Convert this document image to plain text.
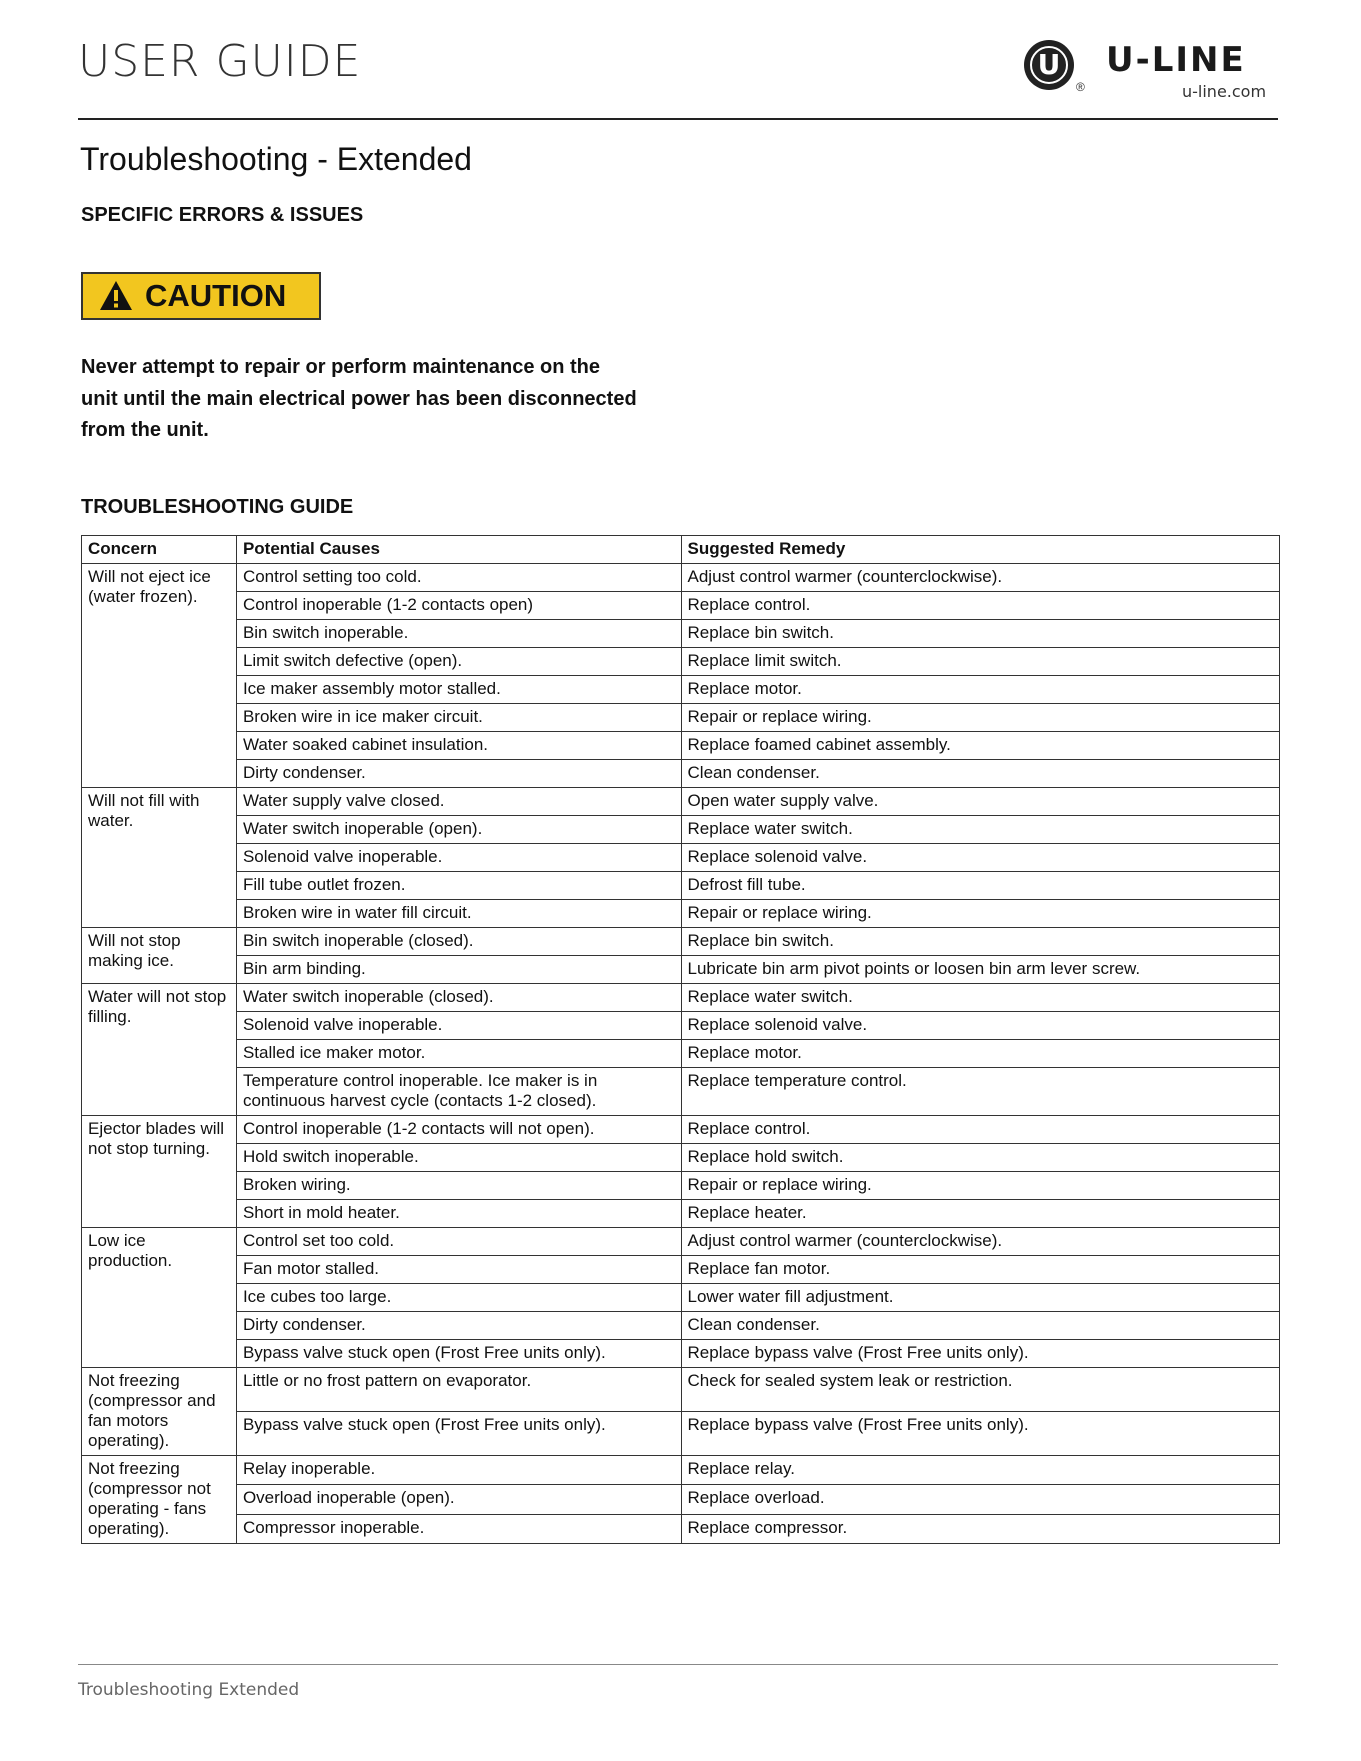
USER GUIDE	U
®
U-LINE
u-line.com
Troubleshooting - Extended
SPECIFIC ERRORS & ISSUES
CAUTION
Never attempt to repair or perform maintenance on the unit until the main electrical power has been disconnected from the unit.
TROUBLESHOOTING GUIDE
Concern	Potential Causes	Suggested Remedy
Will not eject ice (water frozen).	Control setting too cold.	Adjust control warmer (counterclockwise).
	Control inoperable (1-2 contacts open)	Replace control.
	Bin switch inoperable.	Replace bin switch.
	Limit switch defective (open).	Replace limit switch.
	Ice maker assembly motor stalled.	Replace motor.
	Broken wire in ice maker circuit.	Repair or replace wiring.
	Water soaked cabinet insulation.	Replace foamed cabinet assembly.
	Dirty condenser.	Clean condenser.
Will not fill with water.	Water supply valve closed.	Open water supply valve.
	Water switch inoperable (open).	Replace water switch.
	Solenoid valve inoperable.	Replace solenoid valve.
	Fill tube outlet frozen.	Defrost fill tube.
	Broken wire in water fill circuit.	Repair or replace wiring.
Will not stop making ice.	Bin switch inoperable (closed).	Replace bin switch.
	Bin arm binding.	Lubricate bin arm pivot points or loosen bin arm lever screw.
Water will not stop filling.	Water switch inoperable (closed).	Replace water switch.
	Solenoid valve inoperable.	Replace solenoid valve.
	Stalled ice maker motor.	Replace motor.
	Temperature control inoperable. Ice maker is in continuous harvest cycle (contacts 1-2 closed).	Replace temperature control.
Ejector blades will not stop turning.	Control inoperable (1-2 contacts will not open).	Replace control.
	Hold switch inoperable.	Replace hold switch.
	Broken wiring.	Repair or replace wiring.
	Short in mold heater.	Replace heater.
Low ice production.	Control set too cold.	Adjust control warmer (counterclockwise).
	Fan motor stalled.	Replace fan motor.
	Ice cubes too large.	Lower water fill adjustment.
	Dirty condenser.	Clean condenser.
	Bypass valve stuck open (Frost Free units only).	Replace bypass valve (Frost Free units only).
Not freezing (compressor and fan motors operating).	Little or no frost pattern on evaporator.	Check for sealed system leak or restriction.
	Bypass valve stuck open (Frost Free units only).	Replace bypass valve (Frost Free units only).
Not freezing (compressor not operating - fans operating).	Relay inoperable.	Replace relay.
	Overload inoperable (open).	Replace overload.
	Compressor inoperable.	Replace compressor.
Troubleshooting Extended
